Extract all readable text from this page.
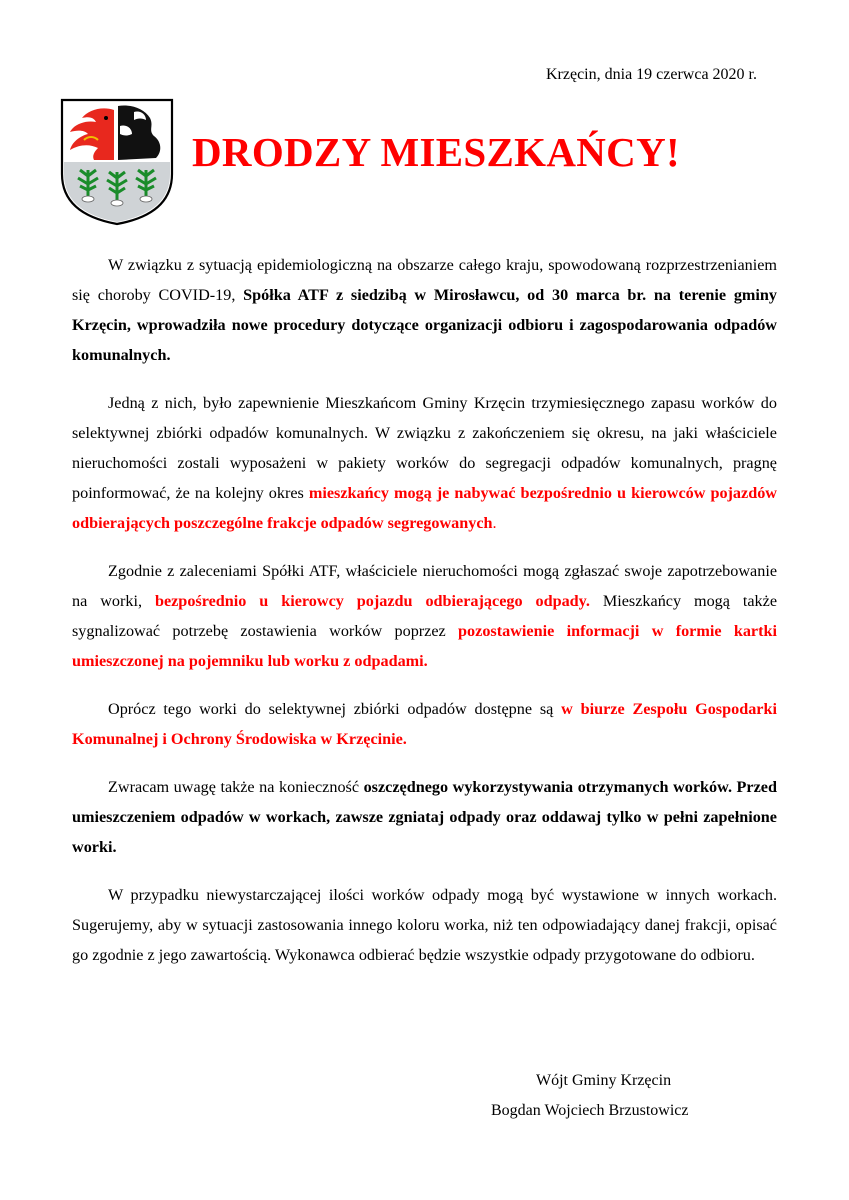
Krzęcin, dnia 19 czerwca 2020 r.
DRODZY MIESZKAŃCY!

W związku z sytuacją epidemiologiczną na obszarze całego kraju, spowodowaną rozprzestrzenianiem się choroby COVID-19, Spółka ATF z siedzibą w Mirosławcu, od 30 marca br. na terenie gminy Krzęcin, wprowadziła nowe procedury dotyczące organizacji odbioru i zagospodarowania odpadów komunalnych.

Jedną z nich, było zapewnienie Mieszkańcom Gminy Krzęcin trzymiesięcznego zapasu worków do selektywnej zbiórki odpadów komunalnych. W związku z zakończeniem się okresu, na jaki właściciele nieruchomości zostali wyposażeni w pakiety worków do segregacji odpadów komunalnych, pragnę poinformować, że na kolejny okres mieszkańcy mogą je nabywać bezpośrednio u kierowców pojazdów odbierających poszczególne frakcje odpadów segregowanych.

Zgodnie z zaleceniami Spółki ATF, właściciele nieruchomości mogą zgłaszać swoje zapotrzebowanie na worki, bezpośrednio u kierowcy pojazdu odbierającego odpady. Mieszkańcy mogą także sygnalizować potrzebę zostawienia worków poprzez pozostawienie informacji w formie kartki umieszczonej na pojemniku lub worku z odpadami.

Oprócz tego worki do selektywnej zbiórki odpadów dostępne są w biurze Zespołu Gospodarki Komunalnej i Ochrony Środowiska w Krzęcinie.

Zwracam uwagę także na konieczność oszczędnego wykorzystywania otrzymanych worków. Przed umieszczeniem odpadów w workach, zawsze zgniataj odpady oraz oddawaj tylko w pełni zapełnione worki.

W przypadku niewystarczającej ilości worków odpady mogą być wystawione w innych workach. Sugerujemy, aby w sytuacji zastosowania innego koloru worka, niż ten odpowiadający danej frakcji, opisać go zgodnie z jego zawartością. Wykonawca odbierać będzie wszystkie odpady przygotowane do odbioru.

Wójt Gminy Krzęcin
Bogdan Wojciech Brzustowicz
